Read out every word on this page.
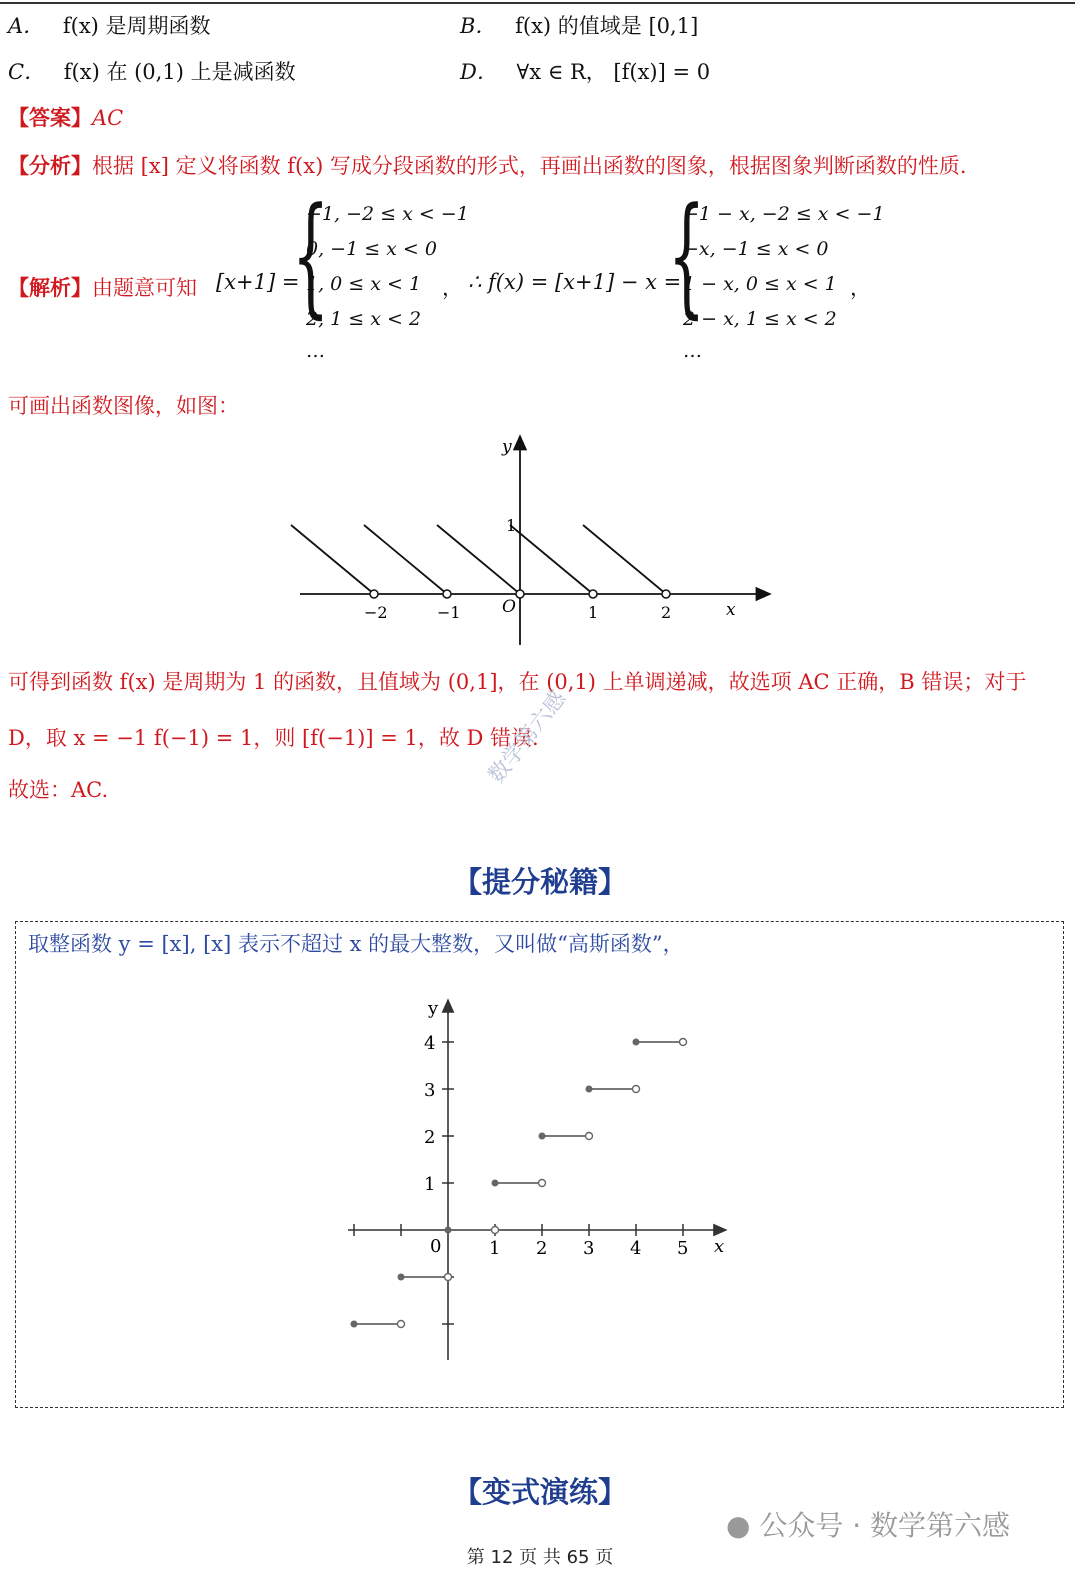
A． f(x) 是周期函数	B． f(x) 的值域是 [0,1]
C． f(x) 在 (0,1) 上是减函数	D． ∀x ∈ R， [f(x)] = 0
【答案】AC
【分析】根据 [x] 定义将函数 f(x) 写成分段函数的形式，再画出函数的图象，根据图象判断函数的性质.
【解析】由题意可知 [x+1] =
{
−1, −2 ≤ x < −1
0, −1 ≤ x < 0
1, 0 ≤ x < 1
2, 1 ≤ x < 2
…
， ∴ f(x) = [x+1] − x =
{
−1 − x, −2 ≤ x < −1
−x, −1 ≤ x < 0
1 − x, 0 ≤ x < 1
2 − x, 1 ≤ x < 2
…
，
可画出函数图像，如图：
−2	−1	1	2
y
x
O
1
可得到函数 f(x) 是周期为 1 的函数，且值域为 (0,1]，在 (0,1) 上单调递减，故选项 AC 正确，B 错误；对于
D，取 x = −1 f(−1) = 1，则 [f(−1)] = 1，故 D 错误.
故选：AC.
数学第六感
【提分秘籍】
取整函数 y = [x], [x] 表示不超过 x 的最大整数，又叫做“高斯函数”，
1 2 3 4 5
1
2
3
4
y
x
0
【变式演练】
● 公众号 · 数学第六感
第 12 页 共 65 页
